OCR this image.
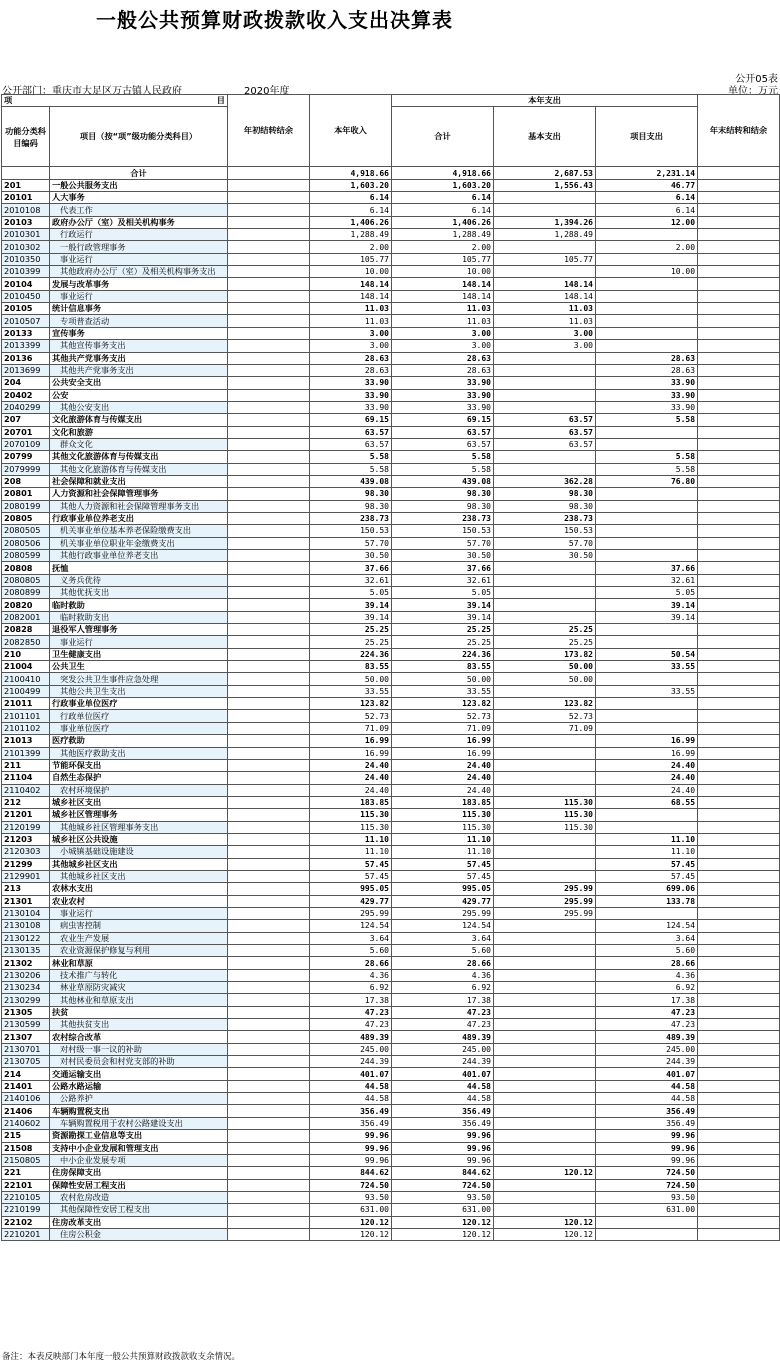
一般公共预算财政拨款收入支出决算表
公开05表
单位：万元
公开部门：重庆市大足区万古镇人民政府	2020年度
项 目		年初结转结余	本年收入	本年支出			年末结转和结余
功能分类科目编码	项目（按“项”级功能分类科目）			合计	基本支出	项目支出	

	合计		4,918.66	4,918.66	2,687.53	2,231.14	
201	一般公共服务支出		1,603.20	1,603.20	1,556.43	46.77	
20101	人大事务		6.14	6.14		6.14	
2010108	代表工作		6.14	6.14		6.14	
20103	政府办公厅（室）及相关机构事务		1,406.26	1,406.26	1,394.26	12.00	
2010301	行政运行		1,288.49	1,288.49	1,288.49		
2010302	一般行政管理事务		2.00	2.00		2.00	
2010350	事业运行		105.77	105.77	105.77		
2010399	其他政府办公厅（室）及相关机构事务支出		10.00	10.00		10.00	
20104	发展与改革事务		148.14	148.14	148.14		
2010450	事业运行		148.14	148.14	148.14		
20105	统计信息事务		11.03	11.03	11.03		
2010507	专项普查活动		11.03	11.03	11.03		
20133	宣传事务		3.00	3.00	3.00		
2013399	其他宣传事务支出		3.00	3.00	3.00		
20136	其他共产党事务支出		28.63	28.63		28.63	
2013699	其他共产党事务支出		28.63	28.63		28.63	
204	公共安全支出		33.90	33.90		33.90	
20402	公安		33.90	33.90		33.90	
2040299	其他公安支出		33.90	33.90		33.90	
207	文化旅游体育与传媒支出		69.15	69.15	63.57	5.58	
20701	文化和旅游		63.57	63.57	63.57		
2070109	群众文化		63.57	63.57	63.57		
20799	其他文化旅游体育与传媒支出		5.58	5.58		5.58	
2079999	其他文化旅游体育与传媒支出		5.58	5.58		5.58	
208	社会保障和就业支出		439.08	439.08	362.28	76.80	
20801	人力资源和社会保障管理事务		98.30	98.30	98.30		
2080199	其他人力资源和社会保障管理事务支出		98.30	98.30	98.30		
20805	行政事业单位养老支出		238.73	238.73	238.73		
2080505	机关事业单位基本养老保险缴费支出		150.53	150.53	150.53		
2080506	机关事业单位职业年金缴费支出		57.70	57.70	57.70		
2080599	其他行政事业单位养老支出		30.50	30.50	30.50		
20808	抚恤		37.66	37.66		37.66	
2080805	义务兵优待		32.61	32.61		32.61	
2080899	其他优抚支出		5.05	5.05		5.05	
20820	临时救助		39.14	39.14		39.14	
2082001	临时救助支出		39.14	39.14		39.14	
20828	退役军人管理事务		25.25	25.25	25.25		
2082850	事业运行		25.25	25.25	25.25		
210	卫生健康支出		224.36	224.36	173.82	50.54	
21004	公共卫生		83.55	83.55	50.00	33.55	
2100410	突发公共卫生事件应急处理		50.00	50.00	50.00		
2100499	其他公共卫生支出		33.55	33.55		33.55	
21011	行政事业单位医疗		123.82	123.82	123.82		
2101101	行政单位医疗		52.73	52.73	52.73		
2101102	事业单位医疗		71.09	71.09	71.09		
21013	医疗救助		16.99	16.99		16.99	
2101399	其他医疗救助支出		16.99	16.99		16.99	
211	节能环保支出		24.40	24.40		24.40	
21104	自然生态保护		24.40	24.40		24.40	
2110402	农村环境保护		24.40	24.40		24.40	
212	城乡社区支出		183.85	183.85	115.30	68.55	
21201	城乡社区管理事务		115.30	115.30	115.30		
2120199	其他城乡社区管理事务支出		115.30	115.30	115.30		
21203	城乡社区公共设施		11.10	11.10		11.10	
2120303	小城镇基础设施建设		11.10	11.10		11.10	
21299	其他城乡社区支出		57.45	57.45		57.45	
2129901	其他城乡社区支出		57.45	57.45		57.45	
213	农林水支出		995.05	995.05	295.99	699.06	
21301	农业农村		429.77	429.77	295.99	133.78	
2130104	事业运行		295.99	295.99	295.99		
2130108	病虫害控制		124.54	124.54		124.54	
2130122	农业生产发展		3.64	3.64		3.64	
2130135	农业资源保护修复与利用		5.60	5.60		5.60	
21302	林业和草原		28.66	28.66		28.66	
2130206	技术推广与转化		4.36	4.36		4.36	
2130234	林业草原防灾减灾		6.92	6.92		6.92	
2130299	其他林业和草原支出		17.38	17.38		17.38	
21305	扶贫		47.23	47.23		47.23	
2130599	其他扶贫支出		47.23	47.23		47.23	
21307	农村综合改革		489.39	489.39		489.39	
2130701	对村级一事一议的补助		245.00	245.00		245.00	
2130705	对村民委员会和村党支部的补助		244.39	244.39		244.39	
214	交通运输支出		401.07	401.07		401.07	
21401	公路水路运输		44.58	44.58		44.58	
2140106	公路养护		44.58	44.58		44.58	
21406	车辆购置税支出		356.49	356.49		356.49	
2140602	车辆购置税用于农村公路建设支出		356.49	356.49		356.49	
215	资源勘探工业信息等支出		99.96	99.96		99.96	
21508	支持中小企业发展和管理支出		99.96	99.96		99.96	
2150805	中小企业发展专项		99.96	99.96		99.96	
221	住房保障支出		844.62	844.62	120.12	724.50	
22101	保障性安居工程支出		724.50	724.50		724.50	
2210105	农村危房改造		93.50	93.50		93.50	
2210199	其他保障性安居工程支出		631.00	631.00		631.00	
22102	住房改革支出		120.12	120.12	120.12		
2210201	住房公积金		120.12	120.12	120.12		
备注：本表反映部门本年度一般公共预算财政拨款收支余情况。
